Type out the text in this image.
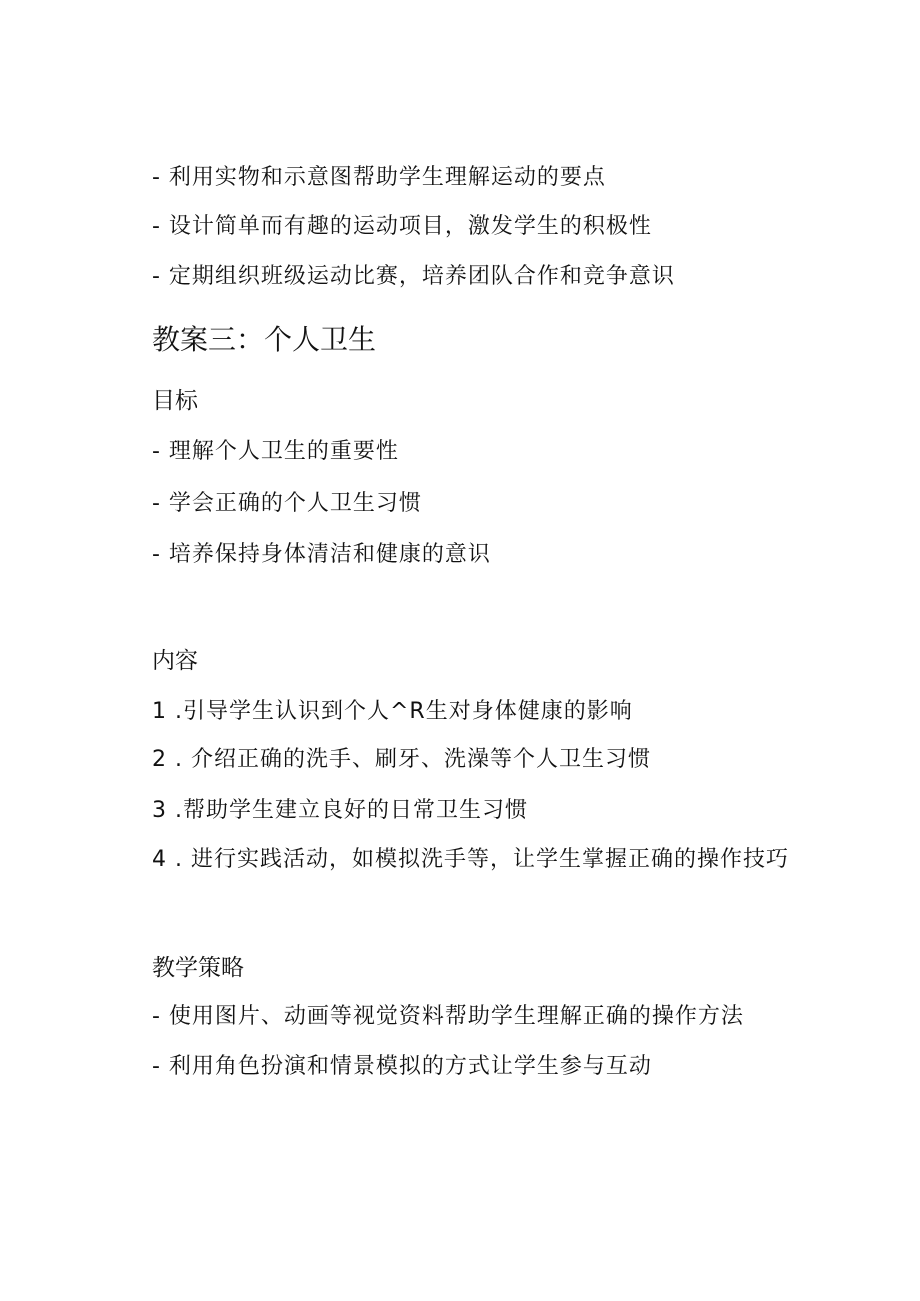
- 利用实物和示意图帮助学生理解运动的要点
- 设计简单而有趣的运动项目，激发学生的积极性
- 定期组织班级运动比赛，培养团队合作和竞争意识
教案三：个人卫生
目标
- 理解个人卫生的重要性
- 学会正确的个人卫生习惯
- 培养保持身体清洁和健康的意识
内容
1 .引导学生认识到个人^R生对身体健康的影响
2 . 介绍正确的洗手、刷牙、洗澡等个人卫生习惯
3 .帮助学生建立良好的日常卫生习惯
4 . 进行实践活动，如模拟洗手等，让学生掌握正确的操作技巧
教学策略
- 使用图片、动画等视觉资料帮助学生理解正确的操作方法
- 利用角色扮演和情景模拟的方式让学生参与互动
